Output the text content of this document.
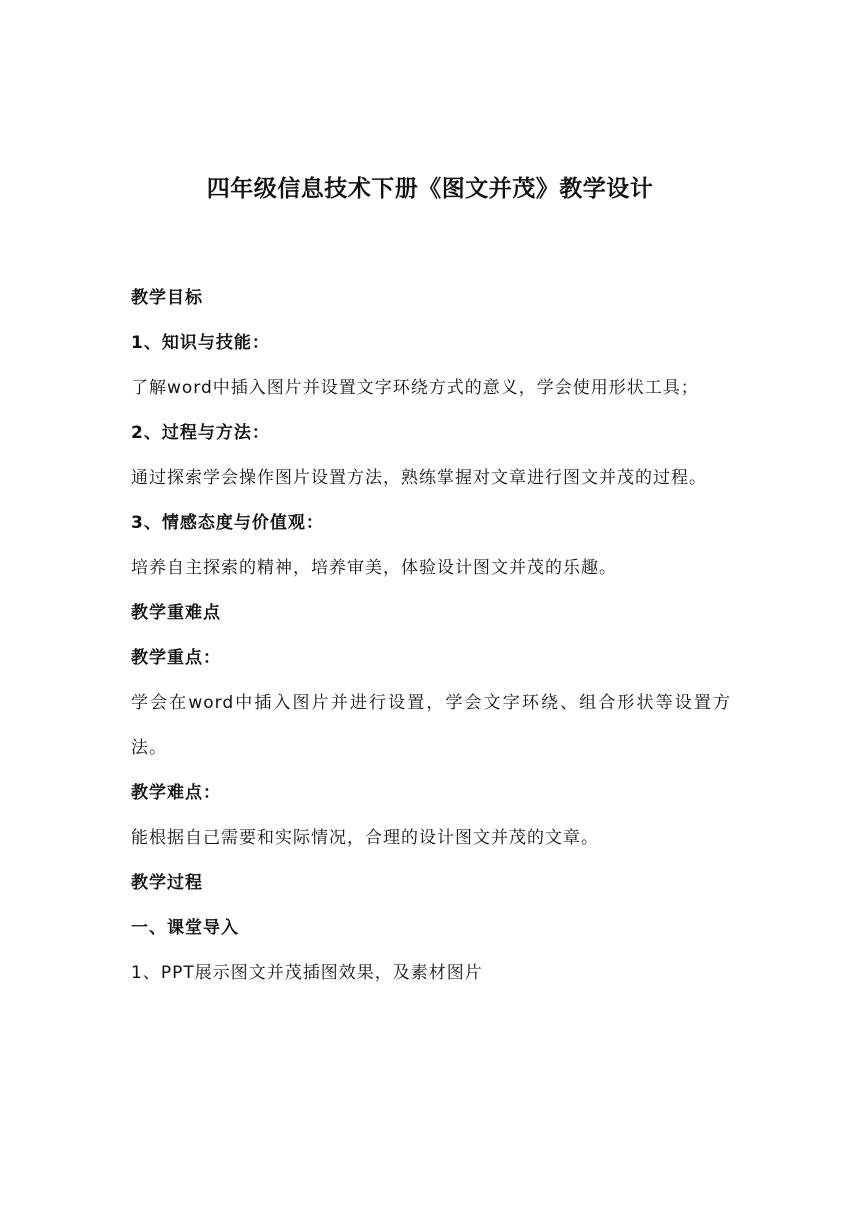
四年级信息技术下册《图文并茂》教学设计

教学目标

1、知识与技能：

了解word中插入图片并设置文字环绕方式的意义，学会使用形状工具；

2、过程与方法：

通过探索学会操作图片设置方法，熟练掌握对文章进行图文并茂的过程。

3、情感态度与价值观：

培养自主探索的精神，培养审美，体验设计图文并茂的乐趣。

教学重难点

教学重点：

学会在word中插入图片并进行设置，学会文字环绕、组合形状等设置方法。

教学难点：

能根据自己需要和实际情况，合理的设计图文并茂的文章。

教学过程

一、课堂导入

1、PPT展示图文并茂插图效果，及素材图片
